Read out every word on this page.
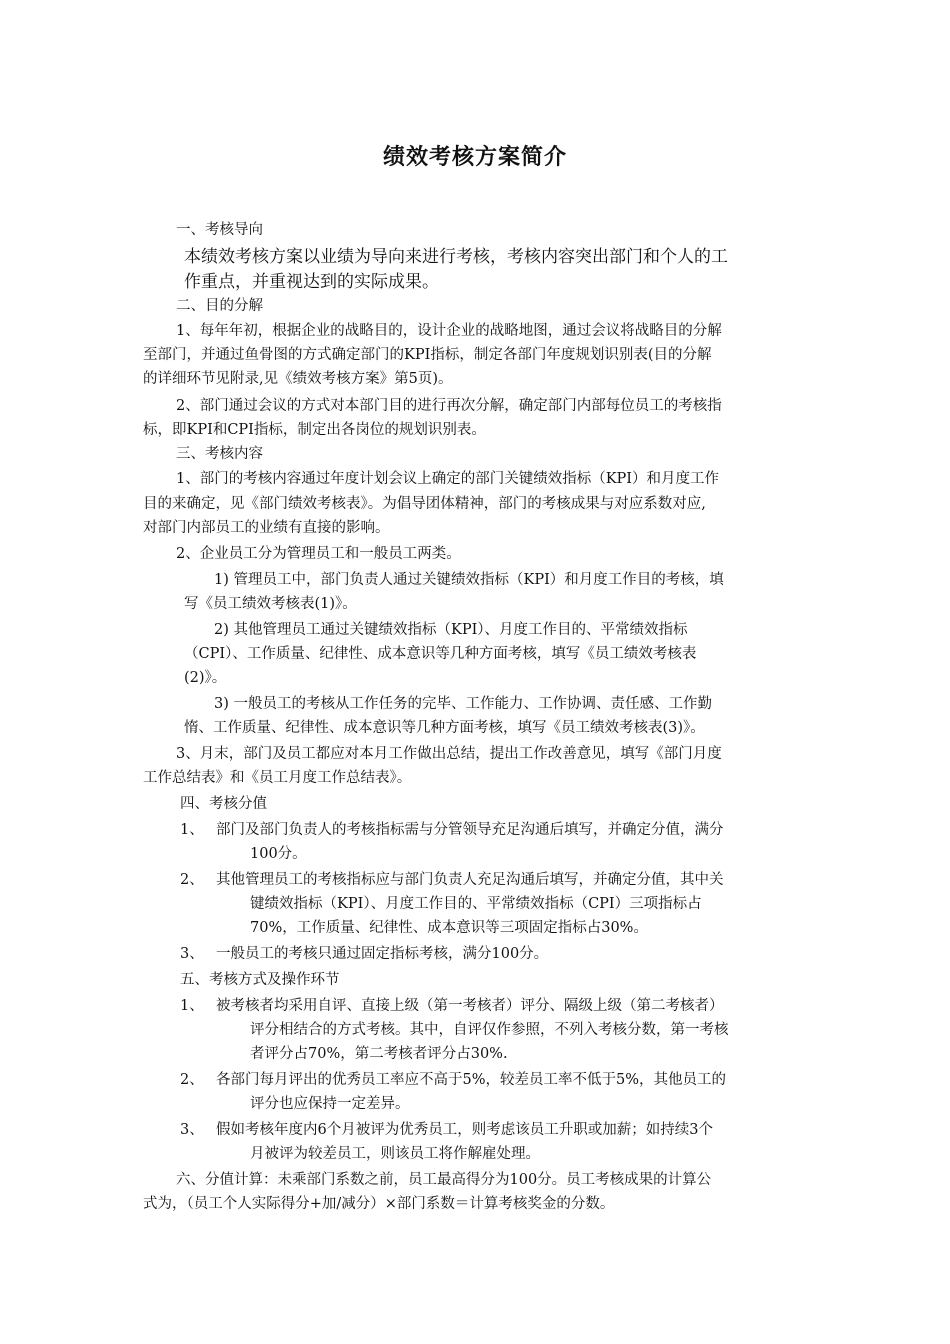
绩效考核方案简介
一、考核导向
本绩效考核方案以业绩为导向来进行考核，考核内容突出部门和个人的工
作重点，并重视达到的实际成果。
二、目的分解
1、每年年初，根据企业的战略目的，设计企业的战略地图，通过会议将战略目的分解
至部门，并通过鱼骨图的方式确定部门的KPI指标，制定各部门年度规划识别表(目的分解
的详细环节见附录,见《绩效考核方案》第5页)。
2、部门通过会议的方式对本部门目的进行再次分解，确定部门内部每位员工的考核指
标，即KPI和CPI指标，制定出各岗位的规划识别表。
三、考核内容
1、部门的考核内容通过年度计划会议上确定的部门关键绩效指标（KPI）和月度工作
目的来确定，见《部门绩效考核表》。为倡导团体精神，部门的考核成果与对应系数对应,
对部门内部员工的业绩有直接的影响。
2、企业员工分为管理员工和一般员工两类。
1) 管理员工中，部门负责人通过关键绩效指标（KPI）和月度工作目的考核，填
写《员工绩效考核表(1)》。
2) 其他管理员工通过关键绩效指标（KPI）、月度工作目的、平常绩效指标
（CPI）、工作质量、纪律性、成本意识等几种方面考核，填写《员工绩效考核表
(2)》。
3) 一般员工的考核从工作任务的完毕、工作能力、工作协调、责任感、工作勤
惰、工作质量、纪律性、成本意识等几种方面考核，填写《员工绩效考核表(3)》。
3、月末，部门及员工都应对本月工作做出总结，提出工作改善意见，填写《部门月度
工作总结表》和《员工月度工作总结表》。
四、考核分值
1、 部门及部门负责人的考核指标需与分管领导充足沟通后填写，并确定分值，满分
100分。
2、 其他管理员工的考核指标应与部门负责人充足沟通后填写，并确定分值，其中关
键绩效指标（KPI）、月度工作目的、平常绩效指标（CPI）三项指标占
70%，工作质量、纪律性、成本意识等三项固定指标占30%。
3、 一般员工的考核只通过固定指标考核，满分100分。
五、考核方式及操作环节
1、 被考核者均采用自评、直接上级（第一考核者）评分、隔级上级（第二考核者）
评分相结合的方式考核。其中，自评仅作参照，不列入考核分数，第一考核
者评分占70%，第二考核者评分占30%.
2、 各部门每月评出的优秀员工率应不高于5%，较差员工率不低于5%，其他员工的
评分也应保持一定差异。
3、 假如考核年度内6个月被评为优秀员工，则考虑该员工升职或加薪；如持续3个
月被评为较差员工，则该员工将作解雇处理。
六、分值计算：未乘部门系数之前，员工最高得分为100分。员工考核成果的计算公
式为，（员工个人实际得分+加/减分）×部门系数＝计算考核奖金的分数。
